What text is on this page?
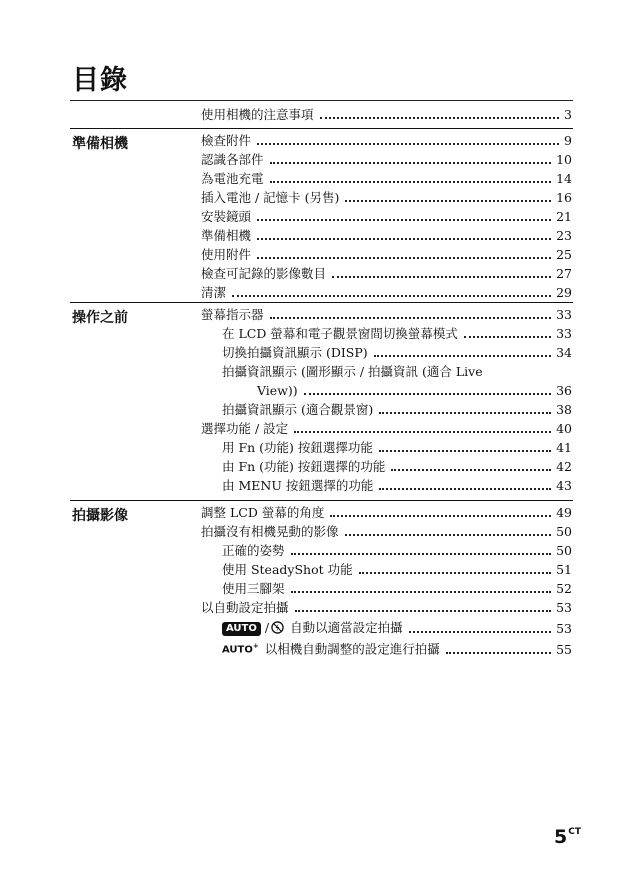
目錄
使用相機的注意事項	3
準備相機	檢查附件	9
認識各部件	10
為電池充電	14
插入電池 / 記憶卡 (另售)	16
安裝鏡頭	21
準備相機	23
使用附件	25
檢查可記錄的影像數目	27
清潔	29
操作之前	螢幕指示器	33
在 LCD 螢幕和電子觀景窗間切換螢幕模式	33
切換拍攝資訊顯示 (DISP)	34
拍攝資訊顯示 (圖形顯示 / 拍攝資訊 (適合 Live
View))	36
拍攝資訊顯示 (適合觀景窗)	38
選擇功能 / 設定	40
用 Fn (功能) 按鈕選擇功能	41
由 Fn (功能) 按鈕選擇的功能	42
由 MENU 按鈕選擇的功能	43
拍攝影像	調整 LCD 螢幕的角度	49
拍攝沒有相機晃動的影像	50
正確的姿勢	50
使用 SteadyShot 功能	51
使用三腳架	52
以自動設定拍攝	53
AUTO / 自動以適當設定拍攝	53
AUTO+ 以相機自動調整的設定進行拍攝	55
$5^{CT}$
